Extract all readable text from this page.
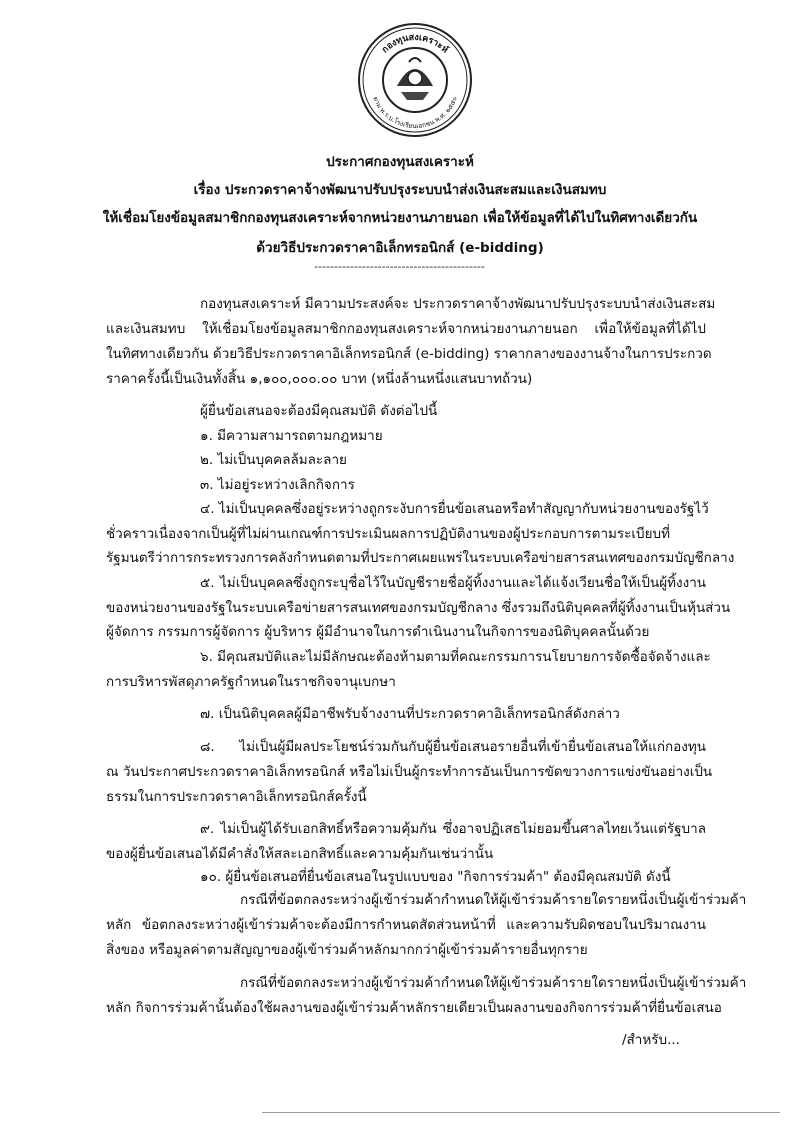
กองทุนสงเคราะห์
ตาม พ.ร.บ.โรงเรียนเอกชน พ.ศ. ๒๕๕๐
ประกาศกองทุนสงเคราะห์
เรื่อง ประกวดราคาจ้างพัฒนาปรับปรุงระบบนำส่งเงินสะสมและเงินสมทบ
ให้เชื่อมโยงข้อมูลสมาชิกกองทุนสงเคราะห์จากหน่วยงานภายนอก เพื่อให้ข้อมูลที่ได้ไปในทิศทางเดียวกัน
ด้วยวิธีประกวดราคาอิเล็กทรอนิกส์ (e-bidding)
-------------------------------------------
กองทุนสงเคราะห์ มีความประสงค์จะ ประกวดราคาจ้างพัฒนาปรับปรุงระบบนำส่งเงินสะสม
และเงินสมทบ ให้เชื่อมโยงข้อมูลสมาชิกกองทุนสงเคราะห์จากหน่วยงานภายนอก เพื่อให้ข้อมูลที่ได้ไป
ในทิศทางเดียวกัน ด้วยวิธีประกวดราคาอิเล็กทรอนิกส์ (e-bidding) ราคากลางของงานจ้างในการประกวด
ราคาครั้งนี้เป็นเงินทั้งสิ้น ๑,๑๐๐,๐๐๐.๐๐ บาท (หนึ่งล้านหนึ่งแสนบาทถ้วน)
ผู้ยื่นข้อเสนอจะต้องมีคุณสมบัติ ดังต่อไปนี้
๑. มีความสามารถตามกฎหมาย
๒. ไม่เป็นบุคคลล้มละลาย
๓. ไม่อยู่ระหว่างเลิกกิจการ
๔. ไม่เป็นบุคคลซึ่งอยู่ระหว่างถูกระงับการยื่นข้อเสนอหรือทำสัญญากับหน่วยงานของรัฐไว้
ชั่วคราวเนื่องจากเป็นผู้ที่ไม่ผ่านเกณฑ์การประเมินผลการปฏิบัติงานของผู้ประกอบการตามระเบียบที่
รัฐมนตรีว่าการกระทรวงการคลังกำหนดตามที่ประกาศเผยแพร่ในระบบเครือข่ายสารสนเทศของกรมบัญชีกลาง
๕. ไม่เป็นบุคคลซึ่งถูกระบุชื่อไว้ในบัญชีรายชื่อผู้ทิ้งงานและได้แจ้งเวียนชื่อให้เป็นผู้ทิ้งงาน
ของหน่วยงานของรัฐในระบบเครือข่ายสารสนเทศของกรมบัญชีกลาง ซึ่งรวมถึงนิติบุคคลที่ผู้ทิ้งงานเป็นหุ้นส่วน
ผู้จัดการ กรรมการผู้จัดการ ผู้บริหาร ผู้มีอำนาจในการดำเนินงานในกิจการของนิติบุคคลนั้นด้วย
๖. มีคุณสมบัติและไม่มีลักษณะต้องห้ามตามที่คณะกรรมการนโยบายการจัดซื้อจัดจ้างและ
การบริหารพัสดุภาครัฐกำหนดในราชกิจจานุเบกษา
๗. เป็นนิติบุคคลผู้มีอาชีพรับจ้างงานที่ประกวดราคาอิเล็กทรอนิกส์ดังกล่าว
๘. ไม่เป็นผู้มีผลประโยชน์ร่วมกันกับผู้ยื่นข้อเสนอรายอื่นที่เข้ายื่นข้อเสนอให้แก่กองทุน
ณ วันประกาศประกวดราคาอิเล็กทรอนิกส์ หรือไม่เป็นผู้กระทำการอันเป็นการขัดขวางการแข่งขันอย่างเป็น
ธรรมในการประกวดราคาอิเล็กทรอนิกส์ครั้งนี้
๙. ไม่เป็นผู้ได้รับเอกสิทธิ์หรือความคุ้มกัน ซึ่งอาจปฏิเสธไม่ยอมขึ้นศาลไทยเว้นแต่รัฐบาล
ของผู้ยื่นข้อเสนอได้มีคำสั่งให้สละเอกสิทธิ์และความคุ้มกันเช่นว่านั้น
๑๐. ผู้ยื่นข้อเสนอที่ยื่นข้อเสนอในรูปแบบของ "กิจการร่วมค้า" ต้องมีคุณสมบัติ ดังนี้
กรณีที่ข้อตกลงระหว่างผู้เข้าร่วมค้ากำหนดให้ผู้เข้าร่วมค้ารายใดรายหนึ่งเป็นผู้เข้าร่วมค้า
หลัก ข้อตกลงระหว่างผู้เข้าร่วมค้าจะต้องมีการกำหนดสัดส่วนหน้าที่ และความรับผิดชอบในปริมาณงาน
สิ่งของ หรือมูลค่าตามสัญญาของผู้เข้าร่วมค้าหลักมากกว่าผู้เข้าร่วมค้ารายอื่นทุกราย
กรณีที่ข้อตกลงระหว่างผู้เข้าร่วมค้ากำหนดให้ผู้เข้าร่วมค้ารายใดรายหนึ่งเป็นผู้เข้าร่วมค้า
หลัก กิจการร่วมค้านั้นต้องใช้ผลงานของผู้เข้าร่วมค้าหลักรายเดียวเป็นผลงานของกิจการร่วมค้าที่ยื่นข้อเสนอ
/สำหรับ...
